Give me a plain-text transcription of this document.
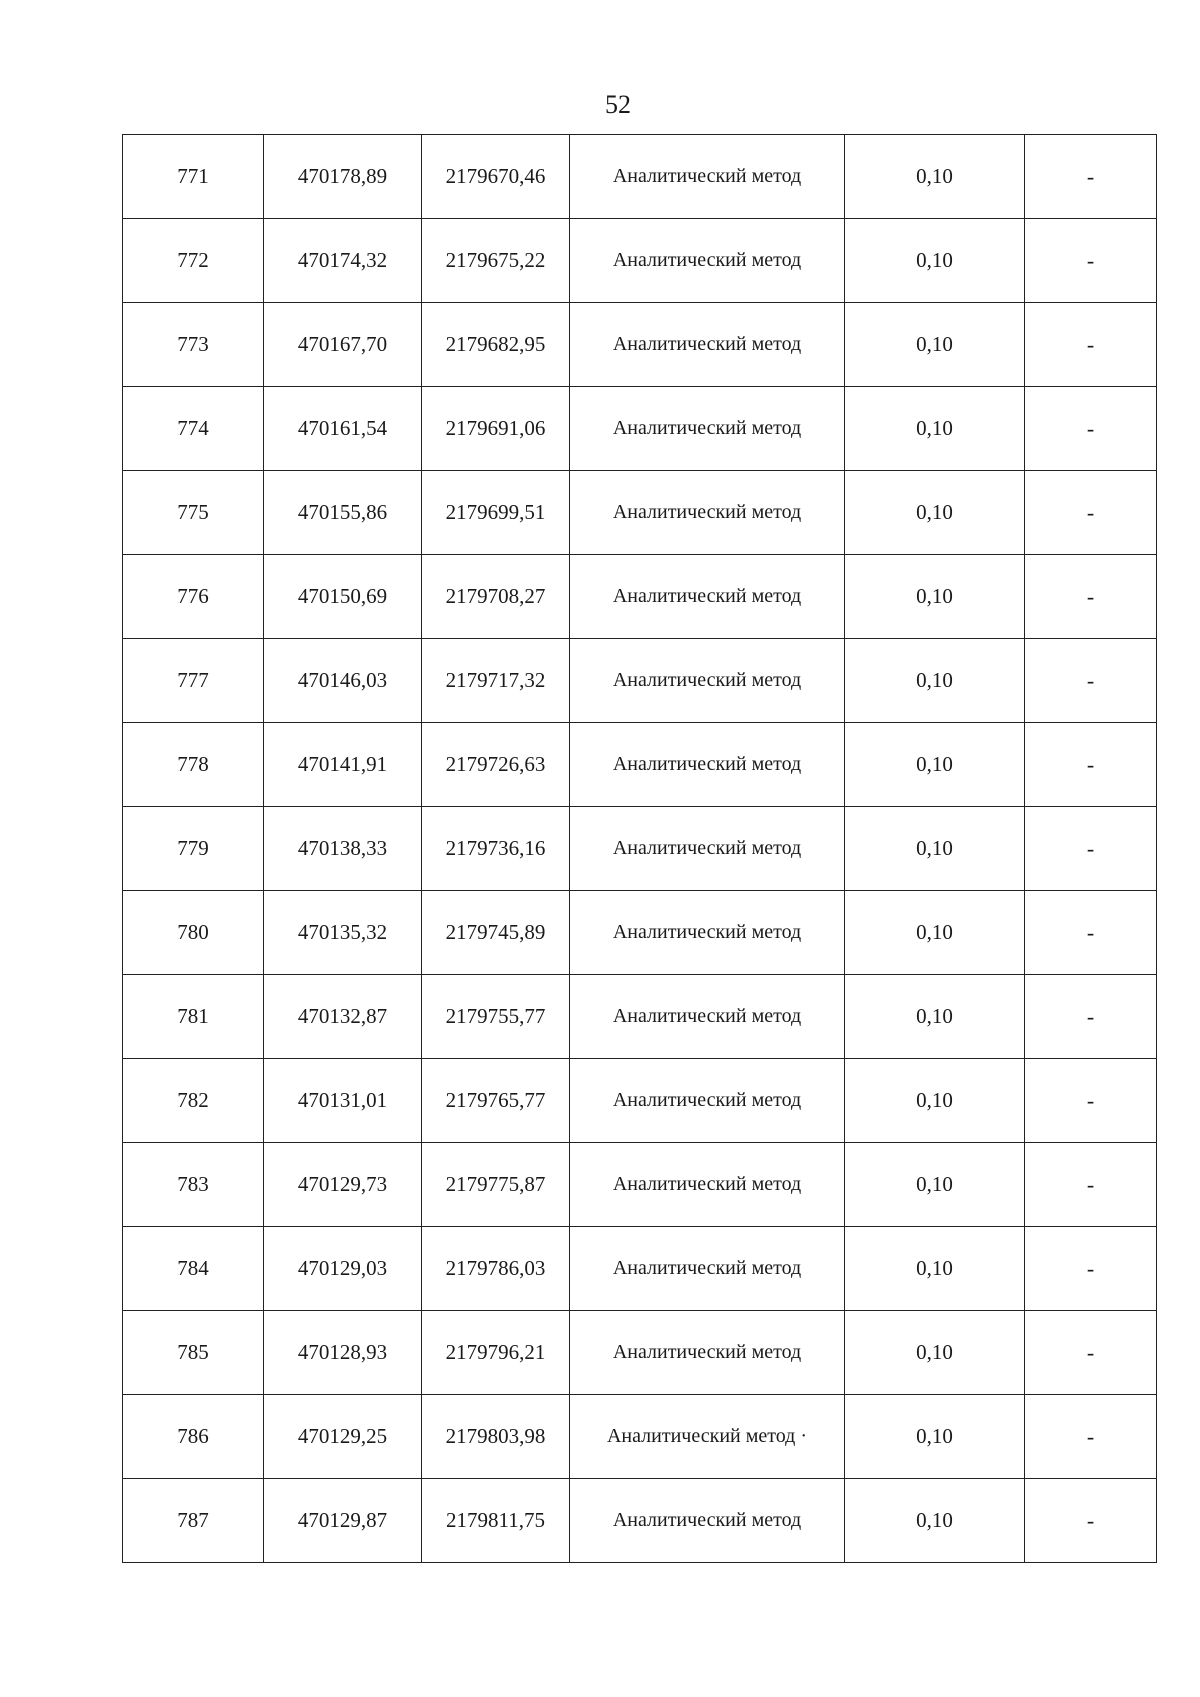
52
771	470178,89	2179670,46	Аналитический метод	0,10	-
772	470174,32	2179675,22	Аналитический метод	0,10	-
773	470167,70	2179682,95	Аналитический метод	0,10	-
774	470161,54	2179691,06	Аналитический метод	0,10	-
775	470155,86	2179699,51	Аналитический метод	0,10	-
776	470150,69	2179708,27	Аналитический метод	0,10	-
777	470146,03	2179717,32	Аналитический метод	0,10	-
778	470141,91	2179726,63	Аналитический метод	0,10	-
779	470138,33	2179736,16	Аналитический метод	0,10	-
780	470135,32	2179745,89	Аналитический метод	0,10	-
781	470132,87	2179755,77	Аналитический метод	0,10	-
782	470131,01	2179765,77	Аналитический метод	0,10	-
783	470129,73	2179775,87	Аналитический метод	0,10	-
784	470129,03	2179786,03	Аналитический метод	0,10	-
785	470128,93	2179796,21	Аналитический метод	0,10	-
786	470129,25	2179803,98	Аналитический метод ·	0,10	-
787	470129,87	2179811,75	Аналитический метод	0,10	-
